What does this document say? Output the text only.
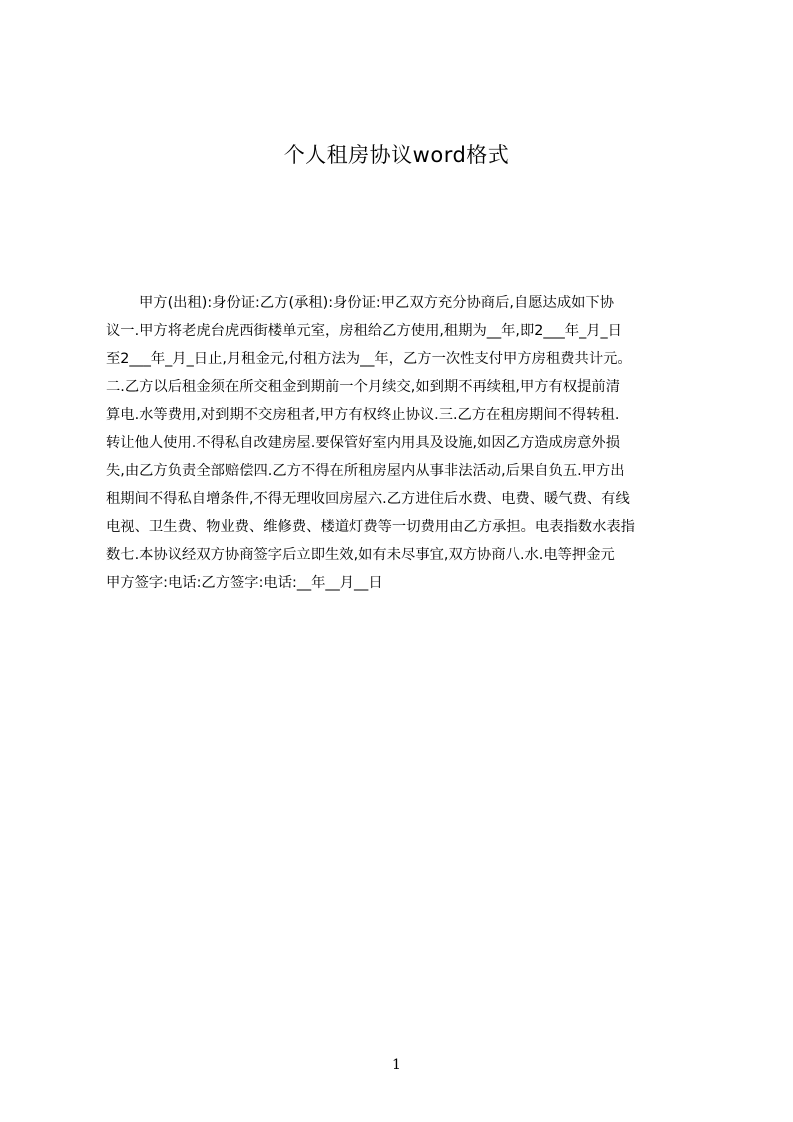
个人租房协议word格式
甲方(出租):身份证:乙方(承租):身份证:甲乙双方充分协商后,自愿达成如下协
议一.甲方将老虎台虎西街楼单元室，房租给乙方使用,租期为__年,即2___年_月_日
至2___年_月_日止,月租金元,付租方法为__年，乙方一次性支付甲方房租费共计元。
二.乙方以后租金须在所交租金到期前一个月续交,如到期不再续租,甲方有权提前清
算电.水等费用,对到期不交房租者,甲方有权终止协议.三.乙方在租房期间不得转租.
转让他人使用.不得私自改建房屋.要保管好室内用具及设施,如因乙方造成房意外损
失,由乙方负责全部赔偿四.乙方不得在所租房屋内从事非法活动,后果自负五.甲方出
租期间不得私自增条件,不得无理收回房屋六.乙方进住后水费、电费、暖气费、有线
电视、卫生费、物业费、维修费、楼道灯费等一切费用由乙方承担。电表指数水表指
数七.本协议经双方协商签字后立即生效,如有未尽事宜,双方协商八.水.电等押金元
甲方签字:电话:乙方签字:电话:__年__月__日
1
